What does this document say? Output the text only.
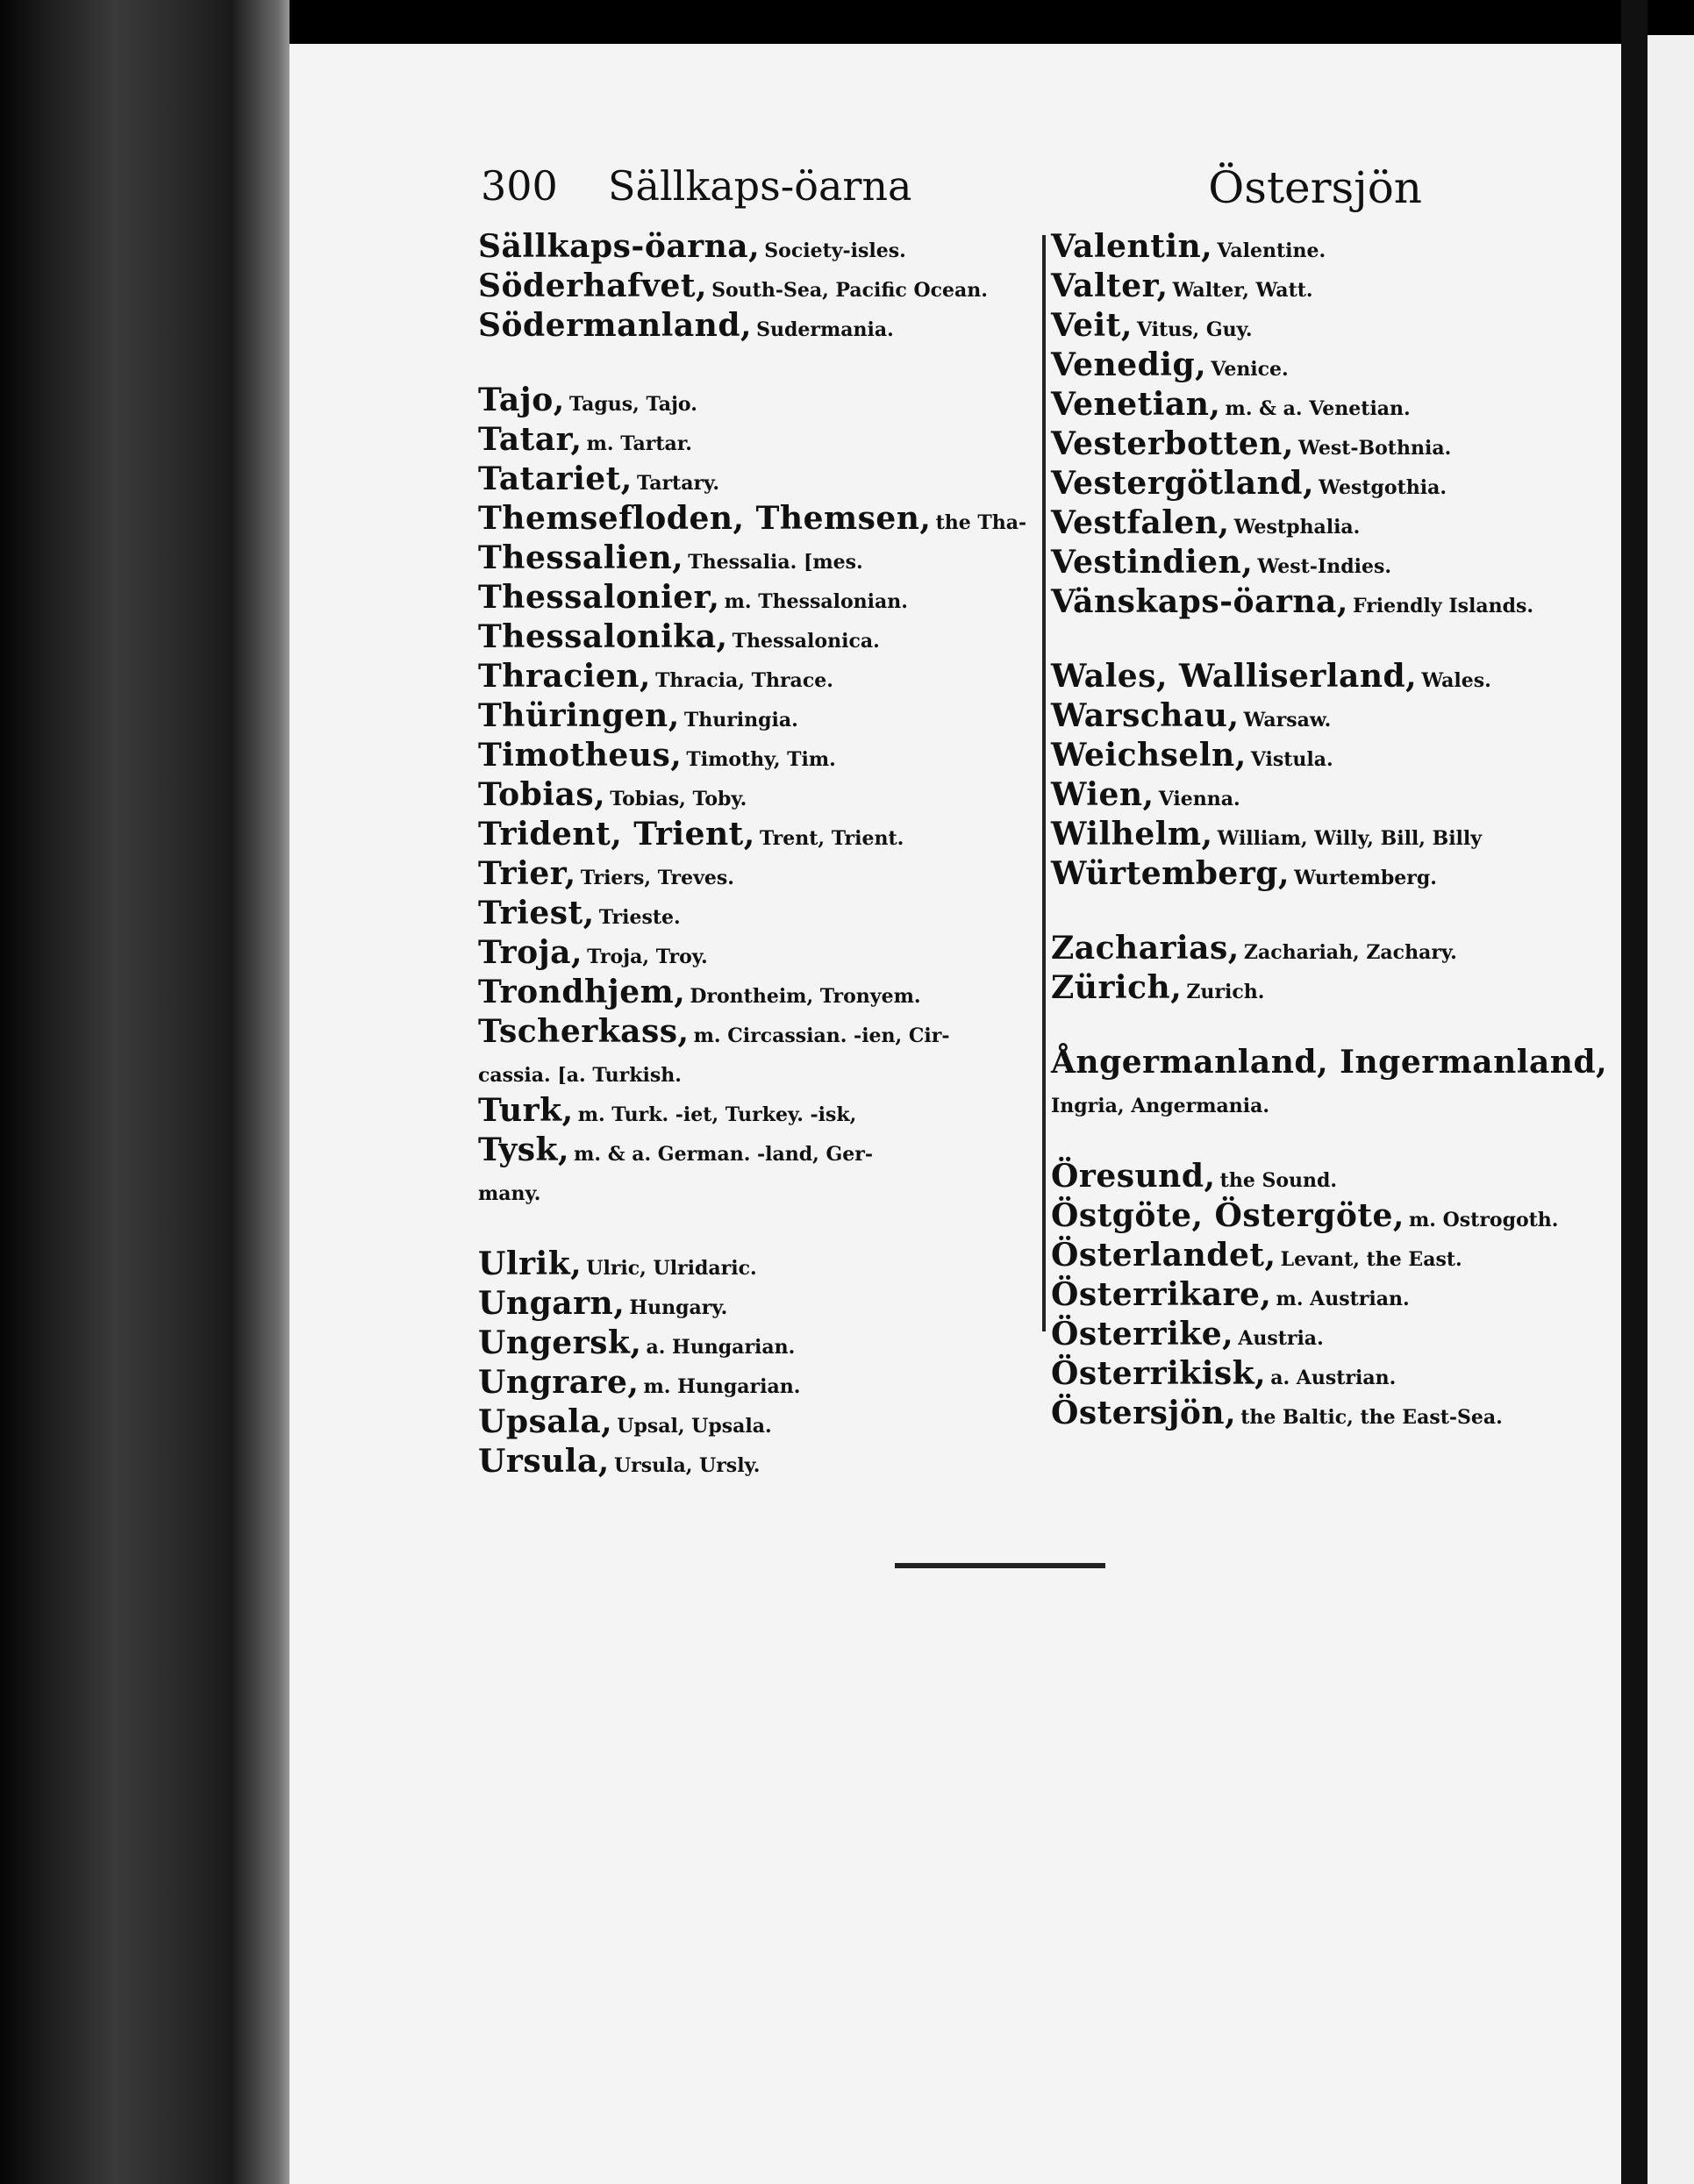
300 Sällkaps-öarna	Östersjön
Sällkaps-öarna, Society-isles.
Söderhafvet, South-Sea, Pacific Ocean.
Södermanland, Sudermania.
Tajo, Tagus, Tajo.
Tatar, m. Tartar.
Tatariet, Tartary.
Themsefloden, Themsen, the Tha-
Thessalien, Thessalia. [mes.
Thessalonier, m. Thessalonian.
Thessalonika, Thessalonica.
Thracien, Thracia, Thrace.
Thüringen, Thuringia.
Timotheus, Timothy, Tim.
Tobias, Tobias, Toby.
Trident, Trient, Trent, Trient.
Trier, Triers, Treves.
Triest, Trieste.
Troja, Troja, Troy.
Trondhjem, Drontheim, Tronyem.
Tscherkass, m. Circassian. -ien, Cir-
cassia. [a. Turkish.
Turk, m. Turk. -iet, Turkey. -isk,
Tysk, m. & a. German. -land, Ger-
many.
Ulrik, Ulric, Ulridaric.
Ungarn, Hungary.
Ungersk, a. Hungarian.
Ungrare, m. Hungarian.
Upsala, Upsal, Upsala.
Ursula, Ursula, Ursly.
Valentin, Valentine.
Valter, Walter, Watt.
Veit, Vitus, Guy.
Venedig, Venice.
Venetian, m. & a. Venetian.
Vesterbotten, West-Bothnia.
Vestergötland, Westgothia.
Vestfalen, Westphalia.
Vestindien, West-Indies.
Vänskaps-öarna, Friendly Islands.
Wales, Walliserland, Wales.
Warschau, Warsaw.
Weichseln, Vistula.
Wien, Vienna.
Wilhelm, William, Willy, Bill, Billy
Würtemberg, Wurtemberg.
Zacharias, Zachariah, Zachary.
Zürich, Zurich.
Ångermanland, Ingermanland,
Ingria, Angermania.
Öresund, the Sound.
Östgöte, Östergöte, m. Ostrogoth.
Österlandet, Levant, the East.
Österrikare, m. Austrian.
Österrike, Austria.
Österrikisk, a. Austrian.
Östersjön, the Baltic, the East-Sea.
